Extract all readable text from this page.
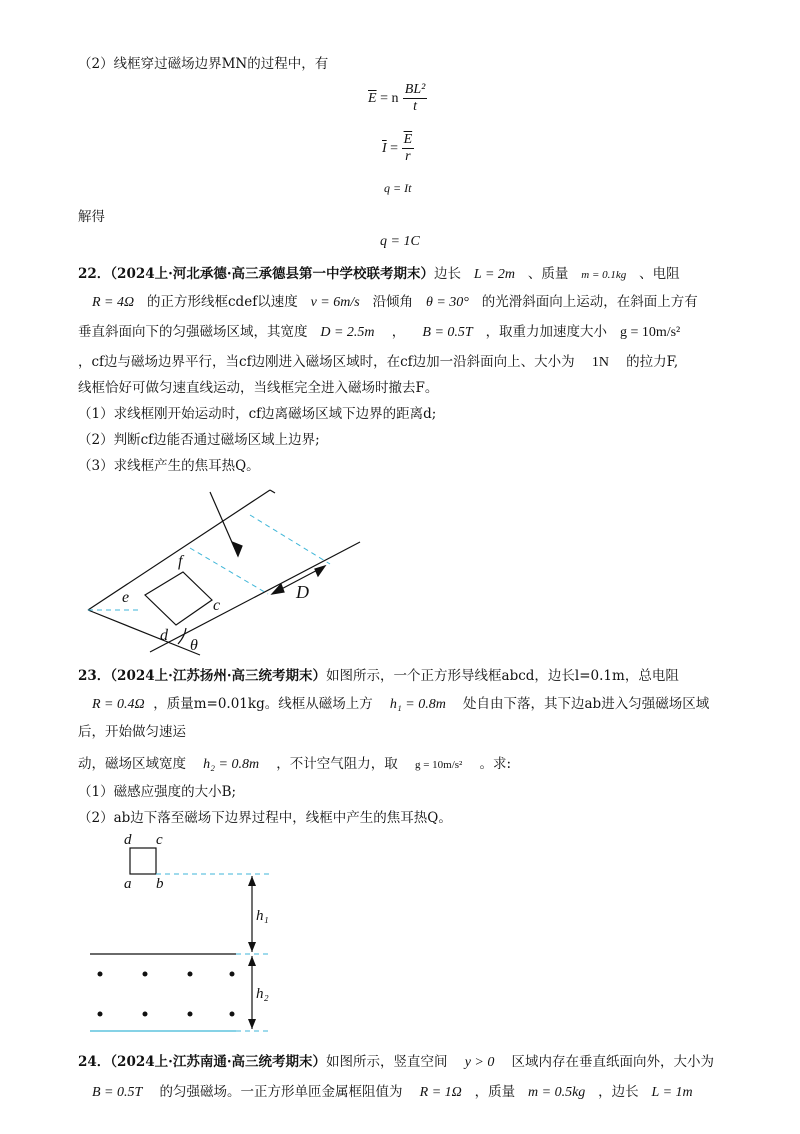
（2）线框穿过磁场边界MN的过程中，有
$\overline{E} = n \frac{\text{BL²}}{t}$
$\overline{I} = \frac{\overline{E}}{r}$
q = It
解得
q = 1C
22．（2024上·河北承德·高三承德县第一中学校联考期末）边长 L = 2m 、质量 m = 0.1kg 、电阻
R = 4Ω 的正方形线框cdef以速度 v = 6m/s 沿倾角 θ = 30° 的光滑斜面向上运动，在斜面上方有
垂直斜面向下的匀强磁场区域，其宽度 D = 2.5m ， B = 0.5T ，取重力加速度大小 g = 10m/s²
，cf边与磁场边界平行，当cf边刚进入磁场区域时，在cf边加一沿斜面向上、大小为 1N 的拉力F,
线框恰好可做匀速直线运动，当线框完全进入磁场时撤去F。
（1）求线框刚开始运动时，cf边离磁场区域下边界的距离d;
（2）判断cf边能否通过磁场区域上边界;
（3）求线框产生的焦耳热Q。
f
e	c
d
D
θ
d c
a b
h₁
h₂
23．（2024上·江苏扬州·高三统考期末）如图所示，一个正方形导线框abcd，边长l=0.1m，总电阻
R = 0.4Ω ，质量m=0.01kg。线框从磁场上方 h₁ = 0.8m 处自由下落，其下边ab进入匀强磁场区域
后，开始做匀速运
动，磁场区域宽度 h₂ = 0.8m ，不计空气阻力，取 g = 10m/s² 。求:
（1）磁感应强度的大小B;
（2）ab边下落至磁场下边界过程中，线框中产生的焦耳热Q。
24．（2024上·江苏南通·高三统考期末）如图所示，竖直空间 y > 0 区域内存在垂直纸面向外，大小为
B = 0.5T 的匀强磁场。一正方形单匝金属框阻值为 R = 1Ω ，质量 m = 0.5kg ，边长 L = 1m
